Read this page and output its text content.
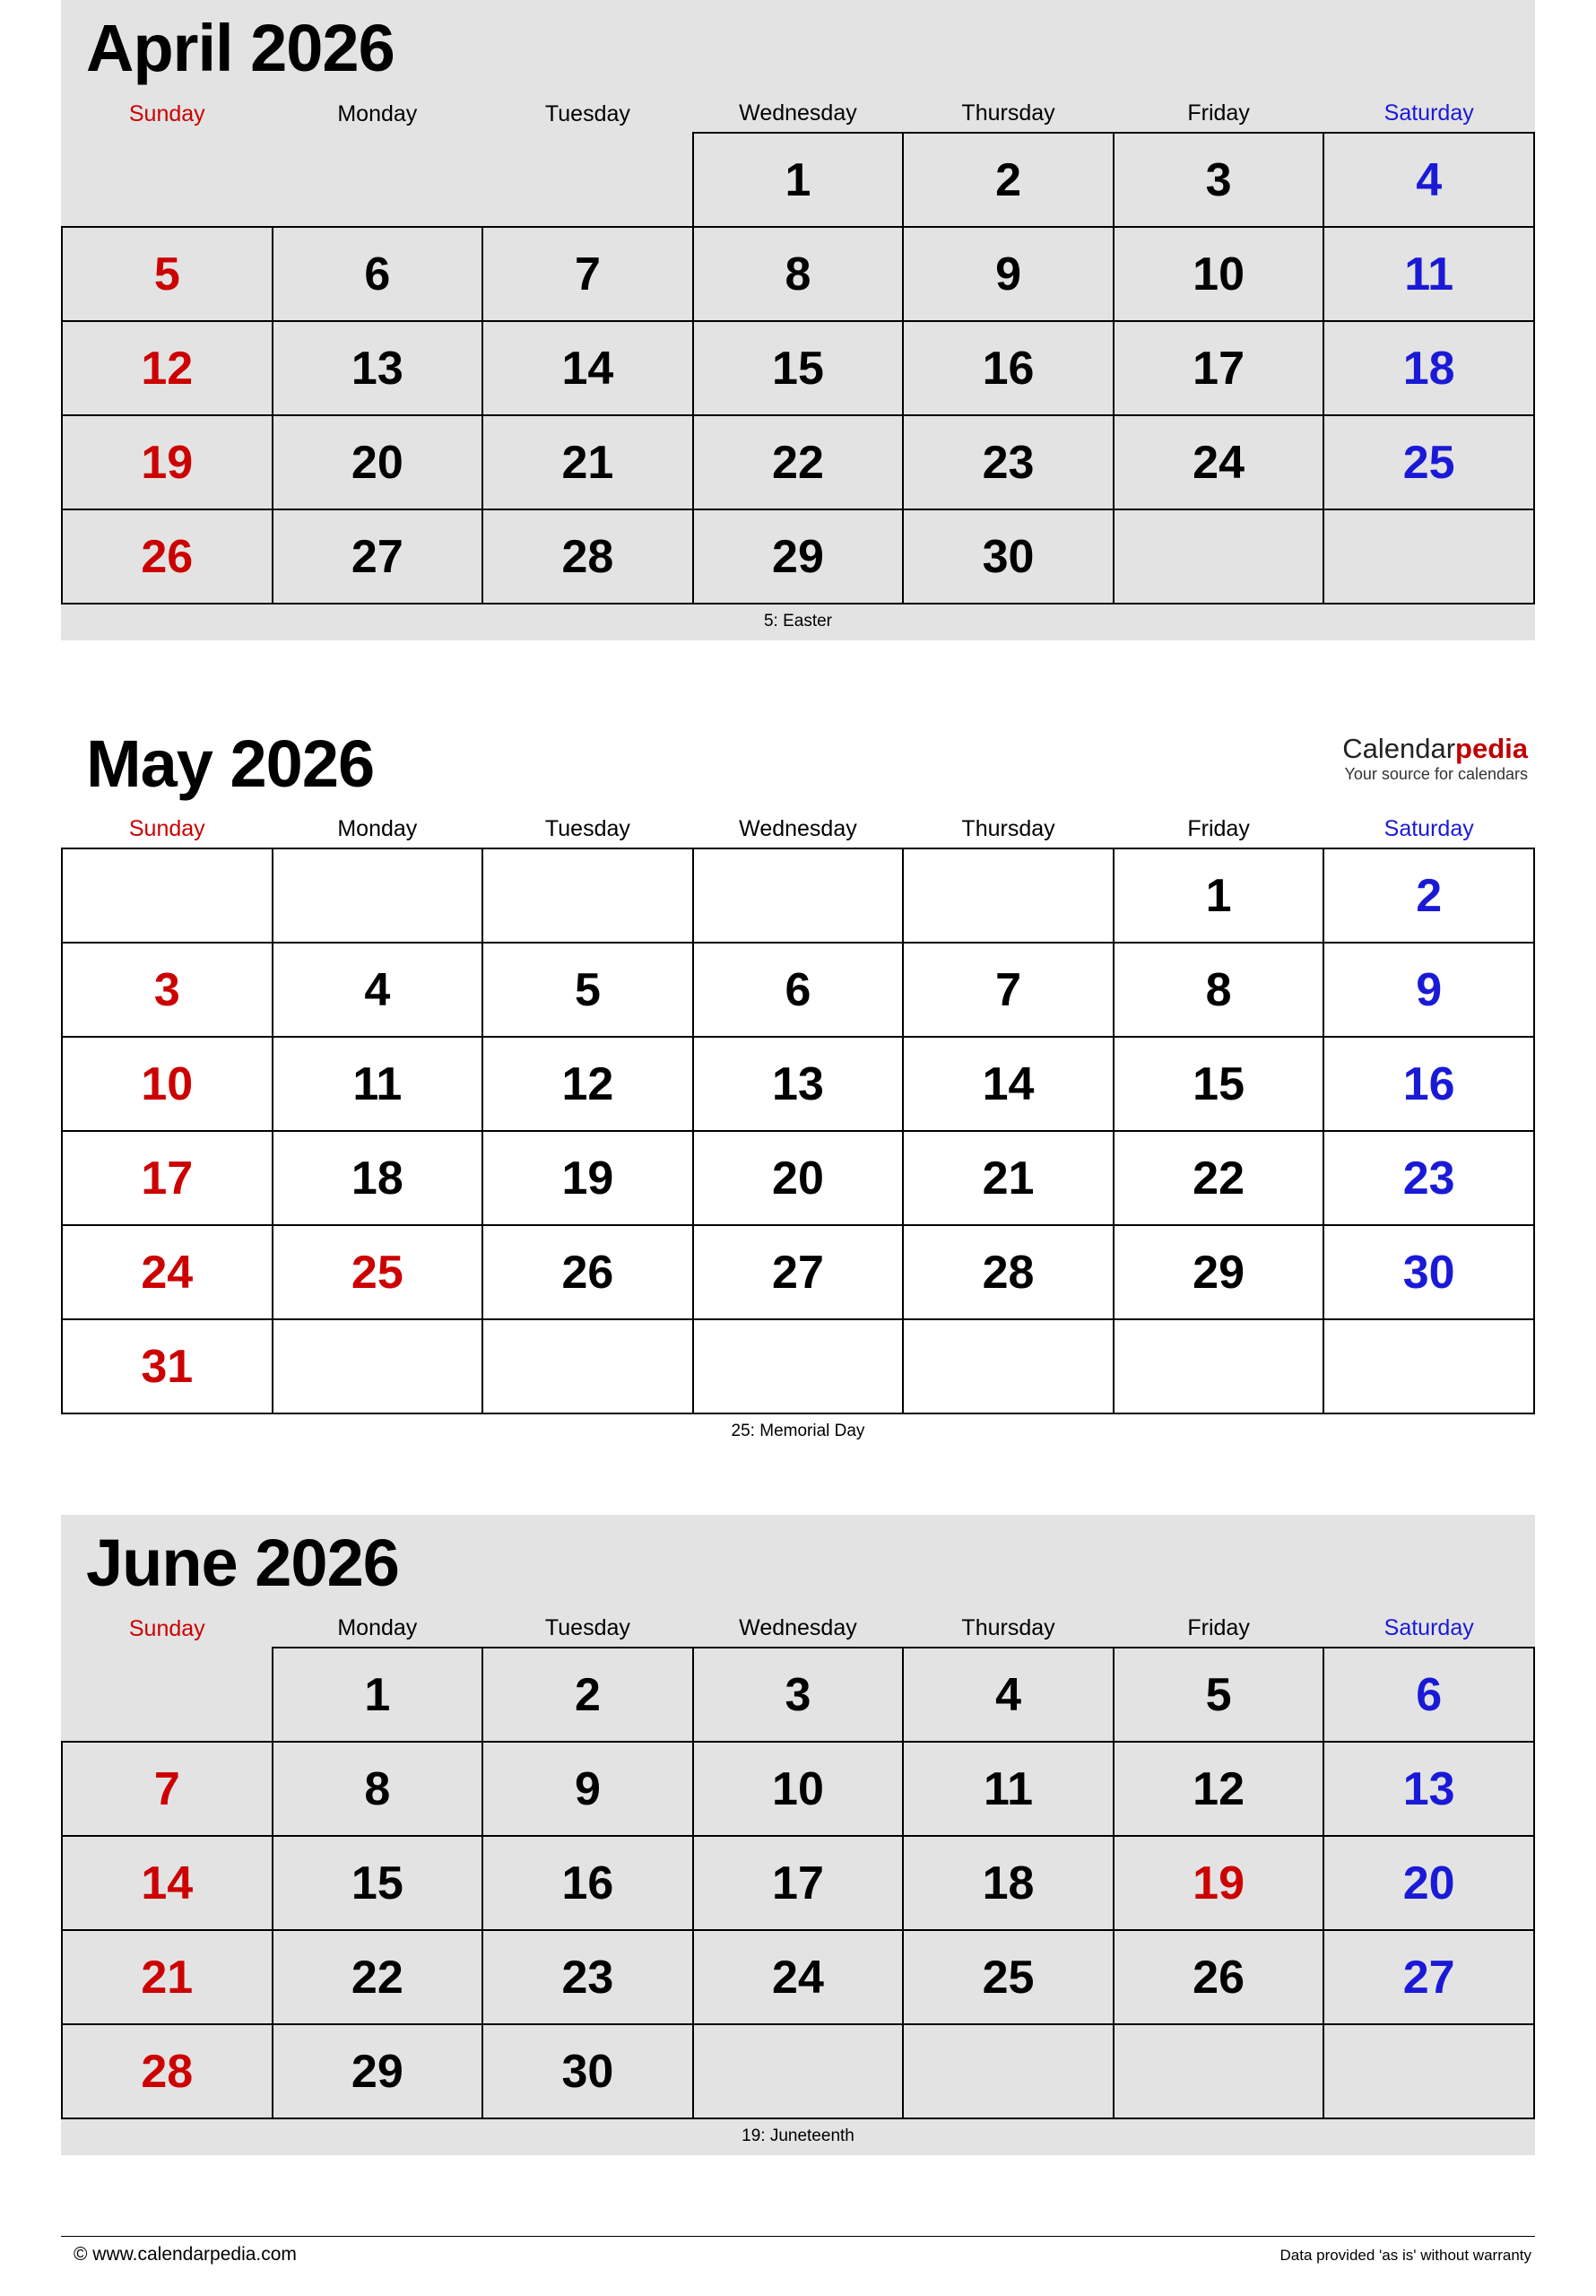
April 2026
Sunday	Monday	Tuesday	Wednesday	Thursday	Friday	Saturday
			1	2	3	4
5	6	7	8	9	10	11
12	13	14	15	16	17	18
19	20	21	22	23	24	25
26	27	28	29	30		
5: Easter
May 2026	Calendarpedia
Your source for calendars
Sunday	Monday	Tuesday	Wednesday	Thursday	Friday	Saturday
					1	2
3	4	5	6	7	8	9
10	11	12	13	14	15	16
17	18	19	20	21	22	23
24	25	26	27	28	29	30
31						
25: Memorial Day
June 2026
Sunday	Monday	Tuesday	Wednesday	Thursday	Friday	Saturday
	1	2	3	4	5	6
7	8	9	10	11	12	13
14	15	16	17	18	19	20
21	22	23	24	25	26	27
28	29	30				
19: Juneteenth
© www.calendarpedia.com	Data provided 'as is' without warranty
